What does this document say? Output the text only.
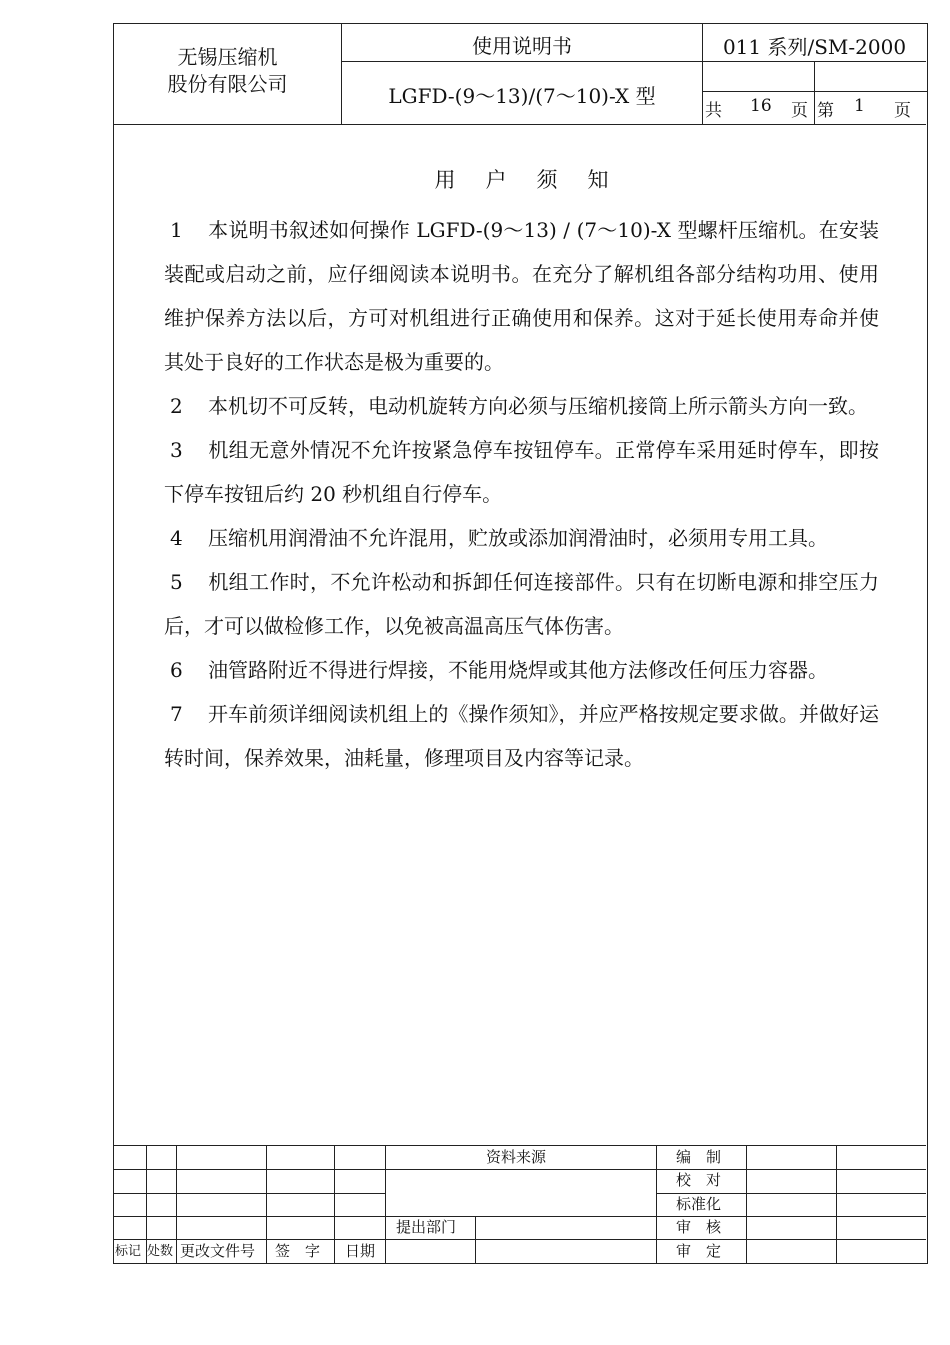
无锡压缩机
股份有限公司
使用说明书
LGFD-(9～13)/(7～10)-X 型
011 系列/SM-2000
共 16 页 第 1 页
用户须知

1 本说明书叙述如何操作 LGFD-(9～13) / (7～10)-X 型螺杆压缩机。在安装装配或启动之前，应仔细阅读本说明书。在充分了解机组各部分结构功用、使用维护保养方法以后，方可对机组进行正确使用和保养。这对于延长使用寿命并使其处于良好的工作状态是极为重要的。

2 本机切不可反转，电动机旋转方向必须与压缩机接筒上所示箭头方向一致。

3 机组无意外情况不允许按紧急停车按钮停车。正常停车采用延时停车，即按下停车按钮后约 20 秒机组自行停车。

4 压缩机用润滑油不允许混用，贮放或添加润滑油时，必须用专用工具。

5 机组工作时，不允许松动和拆卸任何连接部件。只有在切断电源和排空压力后，才可以做检修工作，以免被高温高压气体伤害。

6 油管路附近不得进行焊接，不能用烧焊或其他方法修改任何压力容器。

7 开车前须详细阅读机组上的《操作须知》，并应严格按规定要求做。并做好运转时间，保养效果，油耗量，修理项目及内容等记录。

资料来源
提出部门
标记 处数 更改文件号 签　字 日期
编　制
校　对
标准化
审　核
审　定
